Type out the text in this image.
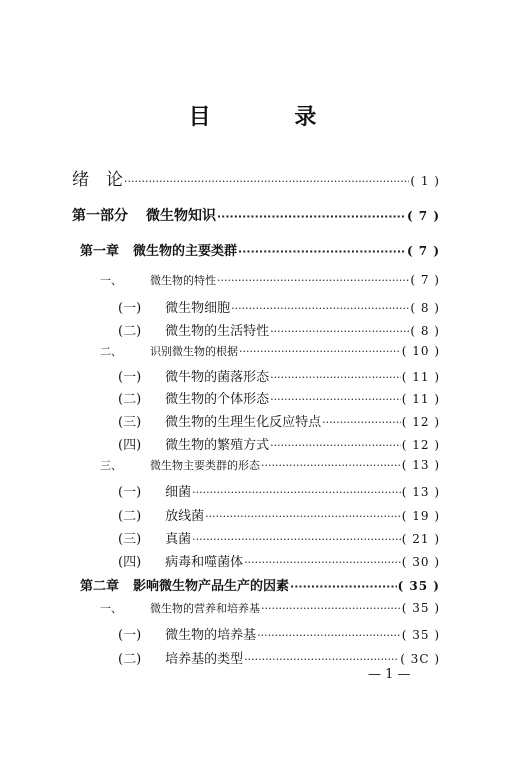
目 录
绪　论 ·····	( 1 )
第一部分 微生物知识 ·····	( 7 )
第一章 微生物的主要类群 ·····	( 7 )
一、	微生物的特性 ·····	( 7 )
(一) 微生物细胞 ·····	( 8 )
(二) 微生物的生活特性 ·····	( 8 )
二、	识别微生物的根据 ·····	( 10 )
(一) 微牛物的菌落形态 ·····	( 11 )
(二) 微生物的个体形态 ·····	( 11 )
(三) 微生物的生理生化反应特点 ·····	( 12 )
(四) 微生物的繁殖方式 ·····	( 12 )
三、	微生物主要类群的形态 ·····	( 13 )
(一) 细菌 ·····	( 13 )
(二) 放线菌 ·····	( 19 )
(三) 真菌 ·····	( 21 )
(四) 病毒和噬菌体 ·····	( 30 )
第二章 影响微生物产品生产的因素 ·····	( 35 )
一、	微生物的营养和培养基 ·····	( 35 )
(一) 微生物的培养基 ·····	( 35 )
(二) 培养基的类型 ·····	( 3C )
— 1 —
